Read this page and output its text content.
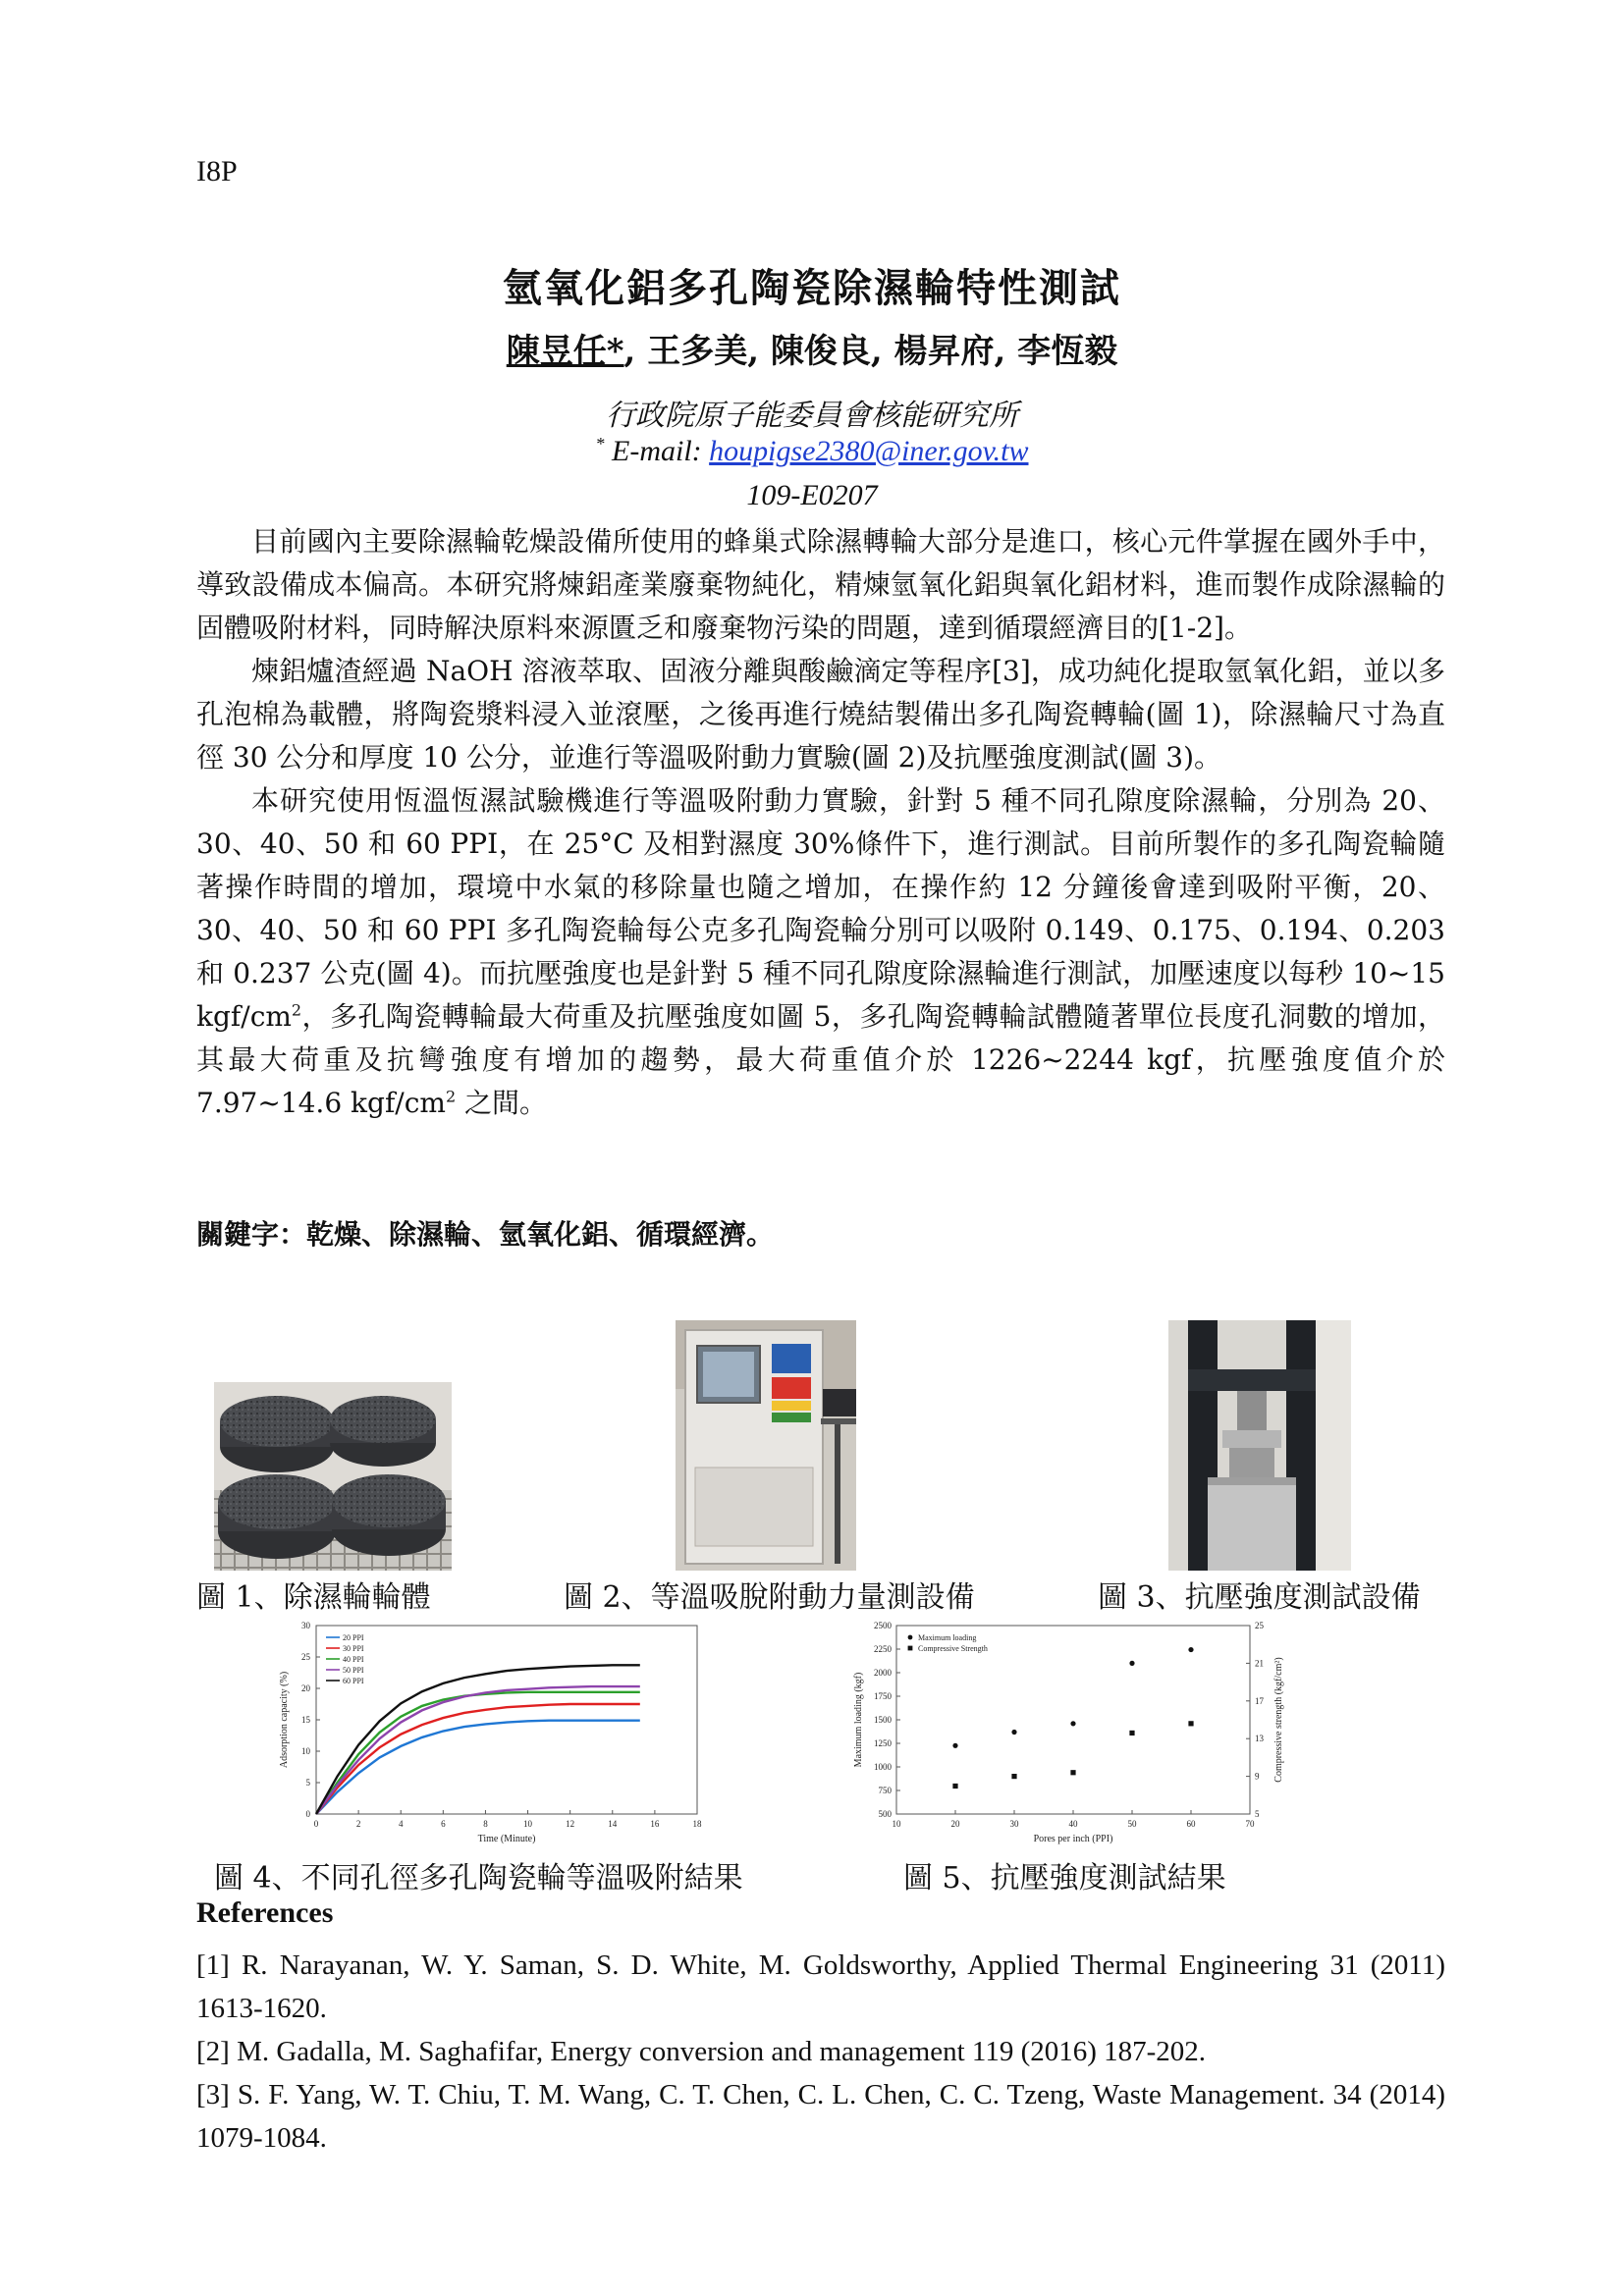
I8P
氫氧化鋁多孔陶瓷除濕輪特性測試
陳昱任*, 王多美, 陳俊良, 楊昇府, 李恆毅
行政院原子能委員會核能研究所
* E-mail: houpigse2380@iner.gov.tw
109-E0207

目前國內主要除濕輪乾燥設備所使用的蜂巢式除濕轉輪大部分是進口，核心元件掌握在國外手中，導致設備成本偏高。本研究將煉鋁產業廢棄物純化，精煉氫氧化鋁與氧化鋁材料，進而製作成除濕輪的固體吸附材料，同時解決原料來源匱乏和廢棄物污染的問題，達到循環經濟目的[1-2]。

煉鋁爐渣經過 NaOH 溶液萃取、固液分離與酸鹼滴定等程序[3]，成功純化提取氫氧化鋁，並以多孔泡棉為載體，將陶瓷漿料浸入並滾壓，之後再進行燒結製備出多孔陶瓷轉輪(圖 1)，除濕輪尺寸為直徑 30 公分和厚度 10 公分，並進行等溫吸附動力實驗(圖 2)及抗壓強度測試(圖 3)。

本研究使用恆溫恆濕試驗機進行等溫吸附動力實驗，針對 5 種不同孔隙度除濕輪，分別為 20、30、40、50 和 60 PPI，在 25°C 及相對濕度 30%條件下，進行測試。目前所製作的多孔陶瓷輪隨著操作時間的增加，環境中水氣的移除量也隨之增加，在操作約 12 分鐘後會達到吸附平衡，20、30、40、50 和 60 PPI 多孔陶瓷輪每公克多孔陶瓷輪分別可以吸附 0.149、0.175、0.194、0.203 和 0.237 公克(圖 4)。而抗壓強度也是針對 5 種不同孔隙度除濕輪進行測試，加壓速度以每秒 10~15 kgf/$cm^2$，多孔陶瓷轉輪最大荷重及抗壓強度如圖 5，多孔陶瓷轉輪試體隨著單位長度孔洞數的增加，其最大荷重及抗彎強度有增加的趨勢，最大荷重值介於 1226~2244 kgf，抗壓強度值介於 7.97~14.6 kgf/$cm^2$ 之間。

關鍵字：乾燥、除濕輪、氫氧化鋁、循環經濟。
圖 1、除濕輪輪體	圖 2、等溫吸脫附動力量測設備	圖 3、抗壓強度測試設備
0	2	4	6	8	10	12	14	16	18
0
5
10
15
20
25
30
Time (Minute)
Adsorption capacity (%)
20 PPI
30 PPI
40 PPI
50 PPI
60 PPI
10	20	30	40	50	60	70
500
750
1000
1250
1500
1750
2000
2250
2500
5
9
13
17
21
25
Pores per inch (PPI)
Maximum loading (kgf)	Compressive strength (kgf/cm²)
Maximum loading
Compressive Strength
圖 4、不同孔徑多孔陶瓷輪等溫吸附結果	圖 5、抗壓強度測試結果
References
[1] R. Narayanan, W. Y. Saman, S. D. White, M. Goldsworthy, Applied Thermal Engineering 31 (2011) 1613-1620.
[2] M. Gadalla, M. Saghafifar, Energy conversion and management 119 (2016) 187-202.
[3] S. F. Yang, W. T. Chiu, T. M. Wang, C. T. Chen, C. L. Chen, C. C. Tzeng, Waste Management. 34 (2014) 1079-1084.
